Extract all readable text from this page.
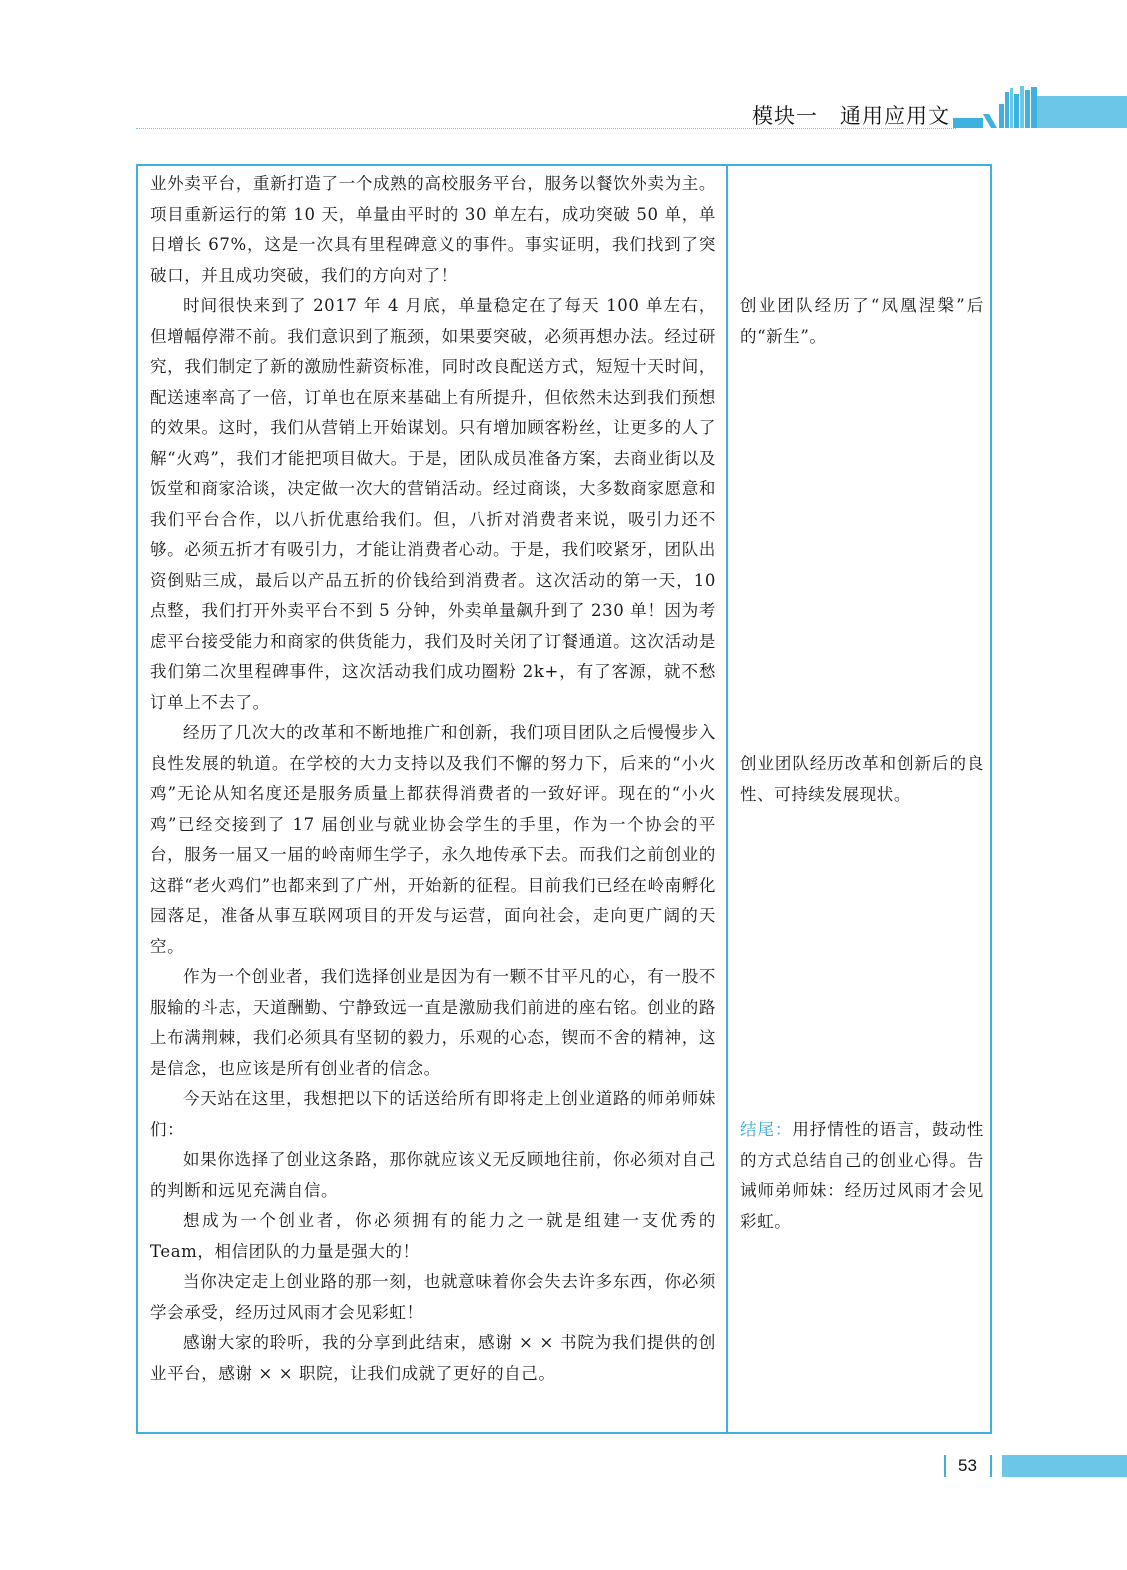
模块一　通用应用文

业外卖平台，重新打造了一个成熟的高校服务平台，服务以餐饮外卖为主。项目重新运行的第 10 天，单量由平时的 30 单左右，成功突破 50 单，单日增长 67%，这是一次具有里程碑意义的事件。事实证明，我们找到了突破口，并且成功突破，我们的方向对了！

时间很快来到了 2017 年 4 月底，单量稳定在了每天 100 单左右，但增幅停滞不前。我们意识到了瓶颈，如果要突破，必须再想办法。经过研究，我们制定了新的激励性薪资标准，同时改良配送方式，短短十天时间，配送速率高了一倍，订单也在原来基础上有所提升，但依然未达到我们预想的效果。这时，我们从营销上开始谋划。只有增加顾客粉丝，让更多的人了解“火鸡”，我们才能把项目做大。于是，团队成员准备方案，去商业街以及饭堂和商家洽谈，决定做一次大的营销活动。经过商谈，大多数商家愿意和我们平台合作，以八折优惠给我们。但，八折对消费者来说，吸引力还不够。必须五折才有吸引力，才能让消费者心动。于是，我们咬紧牙，团队出资倒贴三成，最后以产品五折的价钱给到消费者。这次活动的第一天，10 点整，我们打开外卖平台不到 5 分钟，外卖单量飙升到了 230 单！因为考虑平台接受能力和商家的供货能力，我们及时关闭了订餐通道。这次活动是我们第二次里程碑事件，这次活动我们成功圈粉 2k+，有了客源，就不愁订单上不去了。

经历了几次大的改革和不断地推广和创新，我们项目团队之后慢慢步入良性发展的轨道。在学校的大力支持以及我们不懈的努力下，后来的“小火鸡”无论从知名度还是服务质量上都获得消费者的一致好评。现在的“小火鸡”已经交接到了 17 届创业与就业协会学生的手里，作为一个协会的平台，服务一届又一届的岭南师生学子，永久地传承下去。而我们之前创业的这群“老火鸡们”也都来到了广州，开始新的征程。目前我们已经在岭南孵化园落足，准备从事互联网项目的开发与运营，面向社会，走向更广阔的天空。

作为一个创业者，我们选择创业是因为有一颗不甘平凡的心，有一股不服输的斗志，天道酬勤、宁静致远一直是激励我们前进的座右铭。创业的路上布满荆棘，我们必须具有坚韧的毅力，乐观的心态，锲而不舍的精神，这是信念，也应该是所有创业者的信念。

今天站在这里，我想把以下的话送给所有即将走上创业道路的师弟师妹们：

如果你选择了创业这条路，那你就应该义无反顾地往前，你必须对自己的判断和远见充满自信。

想成为一个创业者，你必须拥有的能力之一就是组建一支优秀的 Team，相信团队的力量是强大的！

当你决定走上创业路的那一刻，也就意味着你会失去许多东西，你必须学会承受，经历过风雨才会见彩虹！

感谢大家的聆听，我的分享到此结束，感谢 × × 书院为我们提供的创业平台，感谢 × × 职院，让我们成就了更好的自己。

创业团队经历了“凤凰涅槃”后的“新生”。

创业团队经历改革和创新后的良性、可持续发展现状。

结尾：用抒情性的语言，鼓动性的方式总结自己的创业心得。告诫师弟师妹：经历过风雨才会见彩虹。

53
